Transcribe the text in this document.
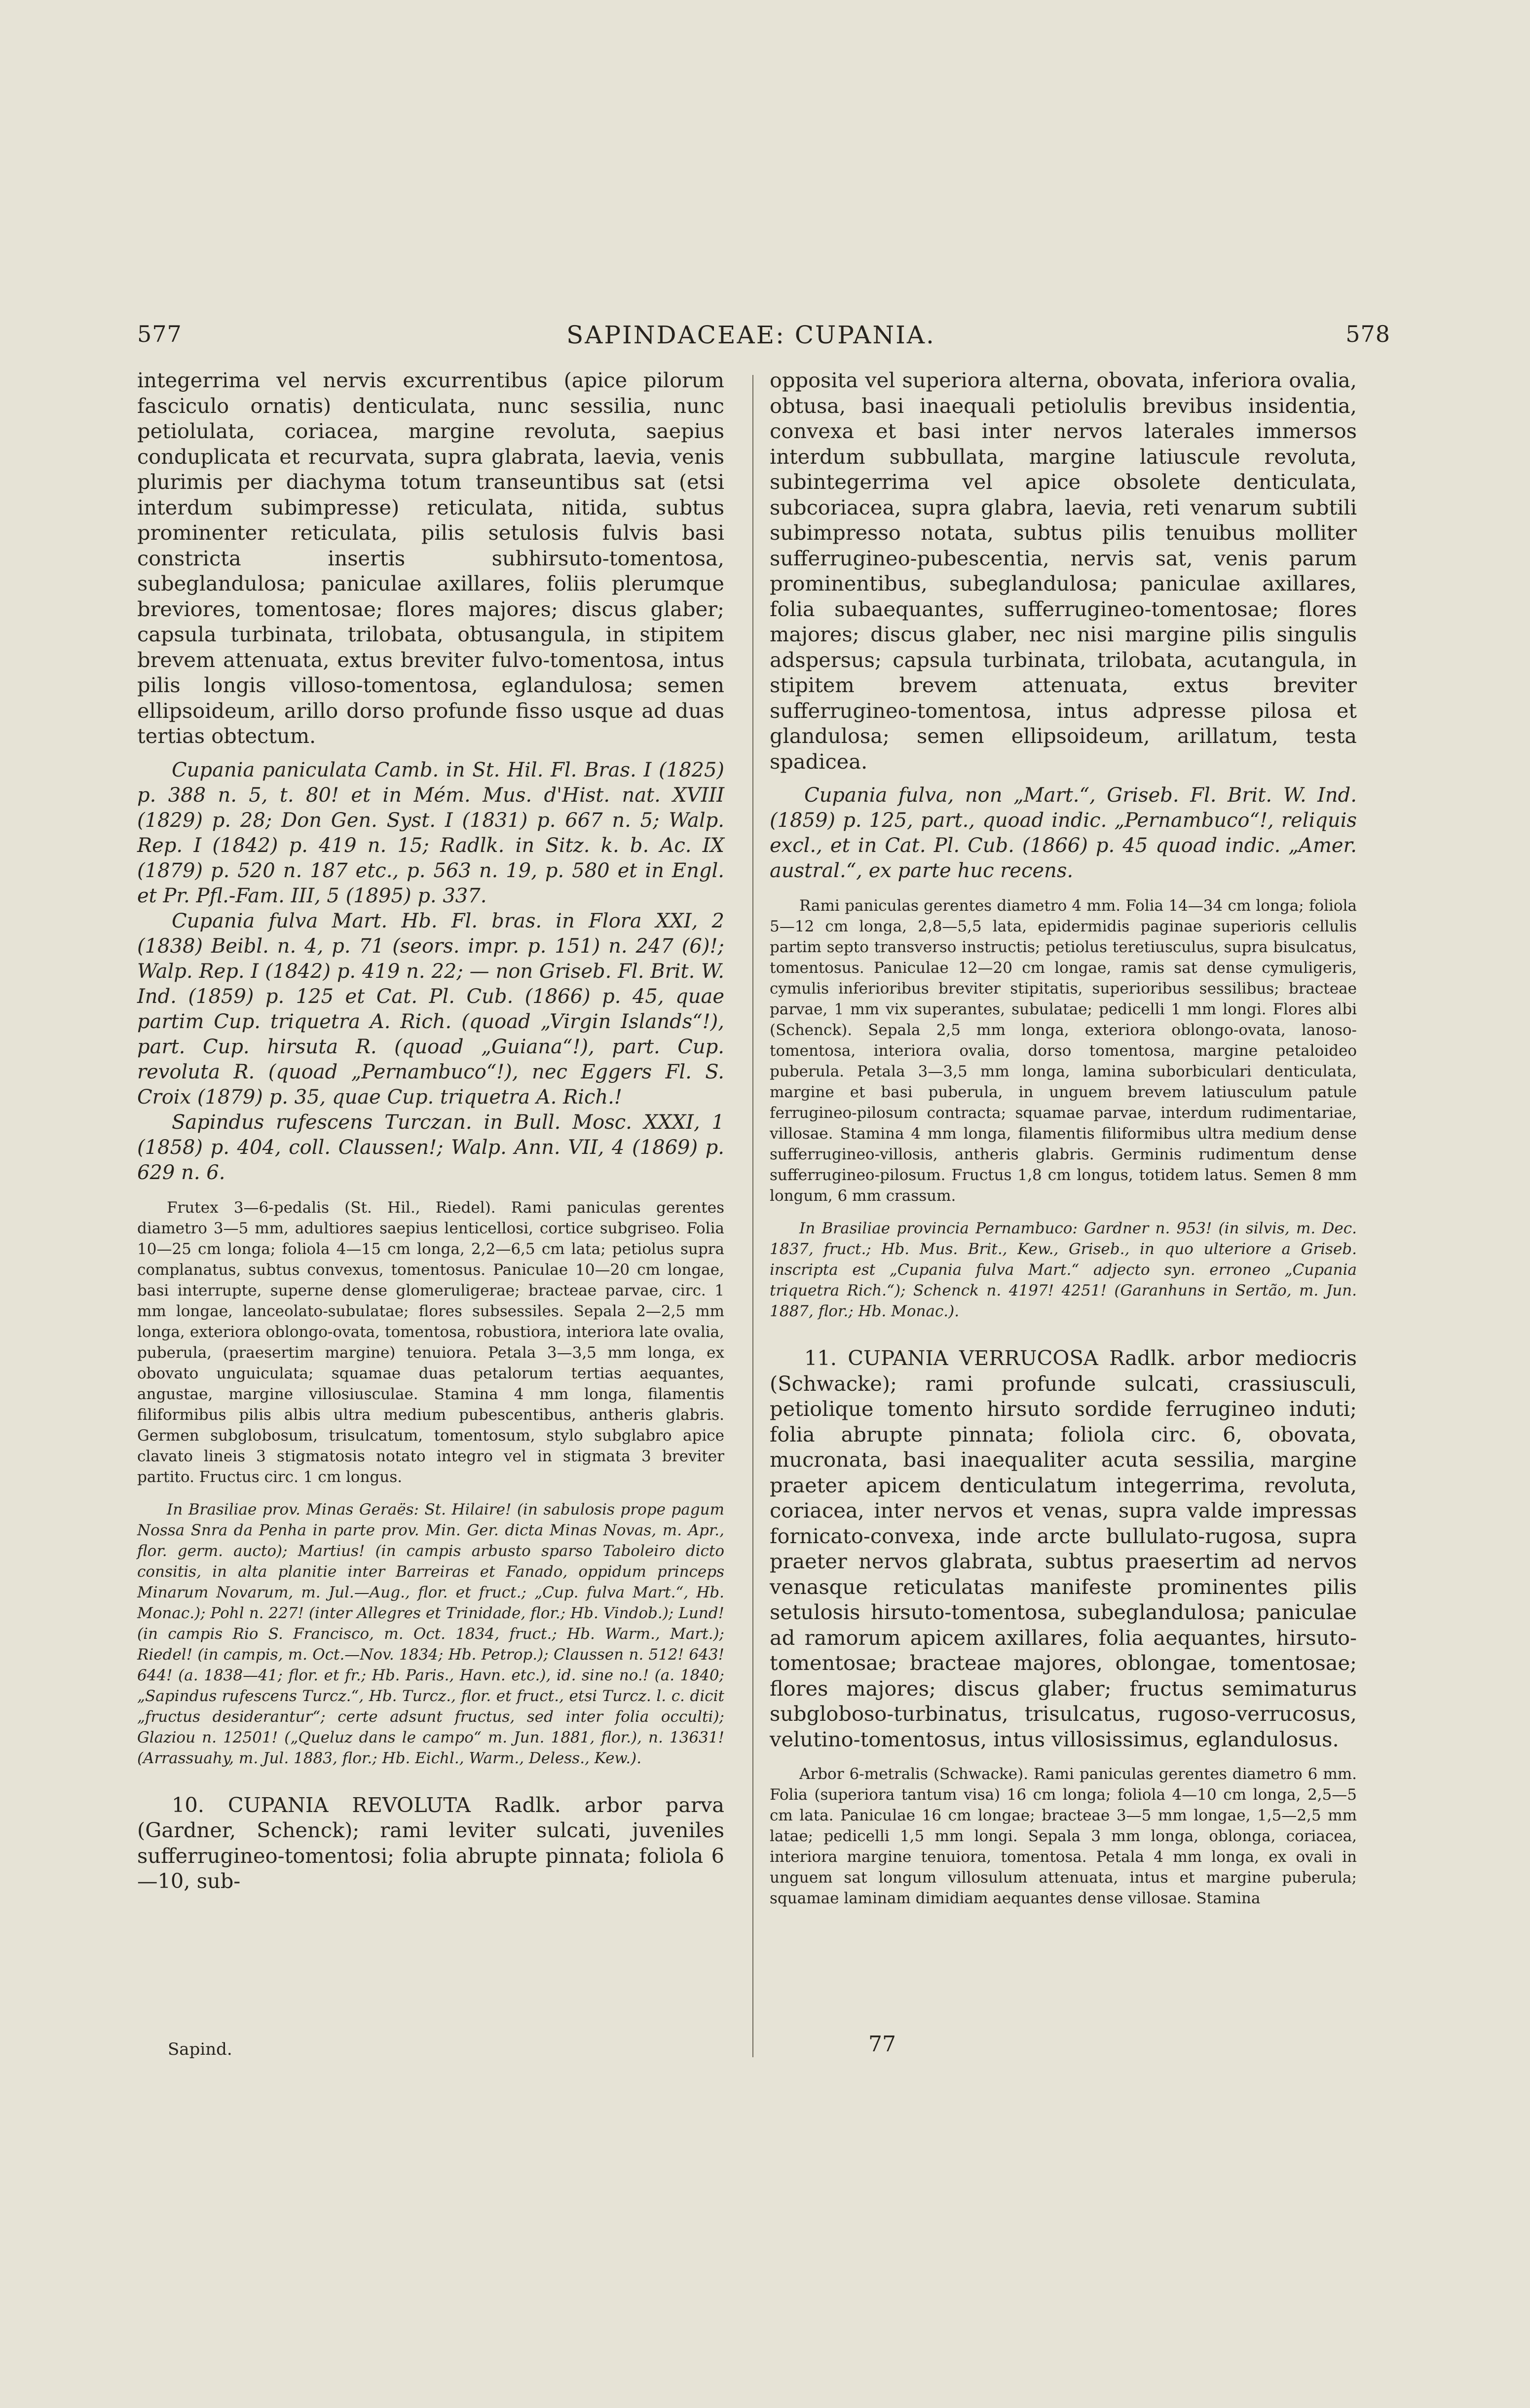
577	SAPINDACEAE: CUPANIA.	578

integerrima vel nervis excurrentibus (apice pilorum fasciculo ornatis) denticulata, nunc sessilia, nunc petiolulata, coriacea, margine revoluta, saepius conduplicata et recurvata, supra glabrata, laevia, venis plurimis per diachyma totum transeuntibus sat (etsi interdum subimpresse) reticulata, nitida, subtus prominenter reticulata, pilis setulosis fulvis basi constricta insertis subhirsuto-tomentosa, subeglandulosa; paniculae axillares, foliis plerumque breviores, tomentosae; flores majores; discus glaber; capsula turbinata, trilobata, obtusangula, in stipitem brevem attenuata, extus breviter fulvo-tomentosa, intus pilis longis villoso-tomentosa, eglandulosa; semen ellipsoideum, arillo dorso profunde fisso usque ad duas tertias obtectum.

Cupania paniculata Camb. in St. Hil. Fl. Bras. I (1825) p. 388 n. 5, t. 80! et in Mém. Mus. d'Hist. nat. XVIII (1829) p. 28; Don Gen. Syst. I (1831) p. 667 n. 5; Walp. Rep. I (1842) p. 419 n. 15; Radlk. in Sitz. k. b. Ac. IX (1879) p. 520 n. 187 etc., p. 563 n. 19, p. 580 et in Engl. et Pr. Pfl.-Fam. III, 5 (1895) p. 337.

Cupania fulva Mart. Hb. Fl. bras. in Flora XXI, 2 (1838) Beibl. n. 4, p. 71 (seors. impr. p. 151) n. 247 (6)!; Walp. Rep. I (1842) p. 419 n. 22; — non Griseb. Fl. Brit. W. Ind. (1859) p. 125 et Cat. Pl. Cub. (1866) p. 45, quae partim Cup. triquetra A. Rich. (quoad „Virgin Islands“!), part. Cup. hirsuta R. (quoad „Guiana“!), part. Cup. revoluta R. (quoad „Pernambuco“!), nec Eggers Fl. S. Croix (1879) p. 35, quae Cup. triquetra A. Rich.!

Sapindus rufescens Turczan. in Bull. Mosc. XXXI, 1 (1858) p. 404, coll. Claussen!; Walp. Ann. VII, 4 (1869) p. 629 n. 6.

Frutex 3—6-pedalis (St. Hil., Riedel). Rami paniculas gerentes diametro 3—5 mm, adultiores saepius lenticellosi, cortice subgriseo. Folia 10—25 cm longa; foliola 4—15 cm longa, 2,2—6,5 cm lata; petiolus supra complanatus, subtus convexus, tomentosus. Paniculae 10—20 cm longae, basi interrupte, superne dense glomeruligerae; bracteae parvae, circ. 1 mm longae, lanceolato-subulatae; flores subsessiles. Sepala 2—2,5 mm longa, exteriora oblongo-ovata, tomentosa, robustiora, interiora late ovalia, puberula, (praesertim margine) tenuiora. Petala 3—3,5 mm longa, ex obovato unguiculata; squamae duas petalorum tertias aequantes, angustae, margine villosiusculae. Stamina 4 mm longa, filamentis filiformibus pilis albis ultra medium pubescentibus, antheris glabris. Germen subglobosum, trisulcatum, tomentosum, stylo subglabro apice clavato lineis 3 stigmatosis notato integro vel in stigmata 3 breviter partito. Fructus circ. 1 cm longus.

In Brasiliae prov. Minas Geraës: St. Hilaire! (in sabulosis prope pagum Nossa Snra da Penha in parte prov. Min. Ger. dicta Minas Novas, m. Apr., flor. germ. aucto); Martius! (in campis arbusto sparso Taboleiro dicto consitis, in alta planitie inter Barreiras et Fanado, oppidum princeps Minarum Novarum, m. Jul.—Aug., flor. et fruct.; „Cup. fulva Mart.“, Hb. Monac.); Pohl n. 227! (inter Allegres et Trinidade, flor.; Hb. Vindob.); Lund! (in campis Rio S. Francisco, m. Oct. 1834, fruct.; Hb. Warm., Mart.); Riedel! (in campis, m. Oct.—Nov. 1834; Hb. Petrop.); Claussen n. 512! 643! 644! (a. 1838—41; flor. et fr.; Hb. Paris., Havn. etc.), id. sine no.! (a. 1840; „Sapindus rufescens Turcz.“, Hb. Turcz., flor. et fruct., etsi Turcz. l. c. dicit „fructus desiderantur“; certe adsunt fructus, sed inter folia occulti); Glaziou n. 12501! („Queluz dans le campo“ m. Jun. 1881, flor.), n. 13631! (Arrassuahy, m. Jul. 1883, flor.; Hb. Eichl., Warm., Deless., Kew.).

10. CUPANIA REVOLUTA Radlk. arbor parva (Gardner, Schenck); rami leviter sulcati, juveniles sufferrugineo-tomentosi; folia abrupte pinnata; foliola 6—10, sub-

opposita vel superiora alterna, obovata, inferiora ovalia, obtusa, basi inaequali petiolulis brevibus insidentia, convexa et basi inter nervos laterales immersos interdum subbullata, margine latiuscule revoluta, subintegerrima vel apice obsolete denticulata, subcoriacea, supra glabra, laevia, reti venarum subtili subimpresso notata, subtus pilis tenuibus molliter sufferrugineo-pubescentia, nervis sat, venis parum prominentibus, subeglandulosa; paniculae axillares, folia subaequantes, sufferrugineo-tomentosae; flores majores; discus glaber, nec nisi margine pilis singulis adspersus; capsula turbinata, trilobata, acutangula, in stipitem brevem attenuata, extus breviter sufferrugineo-tomentosa, intus adpresse pilosa et glandulosa; semen ellipsoideum, arillatum, testa spadicea.

Cupania fulva, non „Mart.“, Griseb. Fl. Brit. W. Ind. (1859) p. 125, part., quoad indic. „Pernambuco“!, reliquis excl., et in Cat. Pl. Cub. (1866) p. 45 quoad indic. „Amer. austral.“, ex parte huc recens.

Rami paniculas gerentes diametro 4 mm. Folia 14—34 cm longa; foliola 5—12 cm longa, 2,8—5,5 lata, epidermidis paginae superioris cellulis partim septo transverso instructis; petiolus teretiusculus, supra bisulcatus, tomentosus. Paniculae 12—20 cm longae, ramis sat dense cymuligeris, cymulis inferioribus breviter stipitatis, superioribus sessilibus; bracteae parvae, 1 mm vix superantes, subulatae; pedicelli 1 mm longi. Flores albi (Schenck). Sepala 2,5 mm longa, exteriora oblongo-ovata, lanoso-tomentosa, interiora ovalia, dorso tomentosa, margine petaloideo puberula. Petala 3—3,5 mm longa, lamina suborbiculari denticulata, margine et basi puberula, in unguem brevem latiusculum patule ferrugineo-pilosum contracta; squamae parvae, interdum rudimentariae, villosae. Stamina 4 mm longa, filamentis filiformibus ultra medium dense sufferrugineo-villosis, antheris glabris. Germinis rudimentum dense sufferrugineo-pilosum. Fructus 1,8 cm longus, totidem latus. Semen 8 mm longum, 6 mm crassum.

In Brasiliae provincia Pernambuco: Gardner n. 953! (in silvis, m. Dec. 1837, fruct.; Hb. Mus. Brit., Kew., Griseb., in quo ulteriore a Griseb. inscripta est „Cupania fulva Mart.“ adjecto syn. erroneo „Cupania triquetra Rich.“); Schenck n. 4197! 4251! (Garanhuns in Sertão, m. Jun. 1887, flor.; Hb. Monac.).

11. CUPANIA VERRUCOSA Radlk. arbor mediocris (Schwacke); rami profunde sulcati, crassiusculi, petiolique tomento hirsuto sordide ferrugineo induti; folia abrupte pinnata; foliola circ. 6, obovata, mucronata, basi inaequaliter acuta sessilia, margine praeter apicem denticulatum integerrima, revoluta, coriacea, inter nervos et venas, supra valde impressas fornicato-convexa, inde arcte bullulato-rugosa, supra praeter nervos glabrata, subtus praesertim ad nervos venasque reticulatas manifeste prominentes pilis setulosis hirsuto-tomentosa, subeglandulosa; paniculae ad ramorum apicem axillares, folia aequantes, hirsuto-tomentosae; bracteae majores, oblongae, tomentosae; flores majores; discus glaber; fructus semimaturus subgloboso-turbinatus, trisulcatus, rugoso-verrucosus, velutino-tomentosus, intus villosissimus, eglandulosus.

Arbor 6-metralis (Schwacke). Rami paniculas gerentes diametro 6 mm. Folia (superiora tantum visa) 16 cm longa; foliola 4—10 cm longa, 2,5—5 cm lata. Paniculae 16 cm longae; bracteae 3—5 mm longae, 1,5—2,5 mm latae; pedicelli 1,5 mm longi. Sepala 3 mm longa, oblonga, coriacea, interiora margine tenuiora, tomentosa. Petala 4 mm longa, ex ovali in unguem sat longum villosulum attenuata, intus et margine puberula; squamae laminam dimidiam aequantes dense villosae. Stamina

Sapind.	77
